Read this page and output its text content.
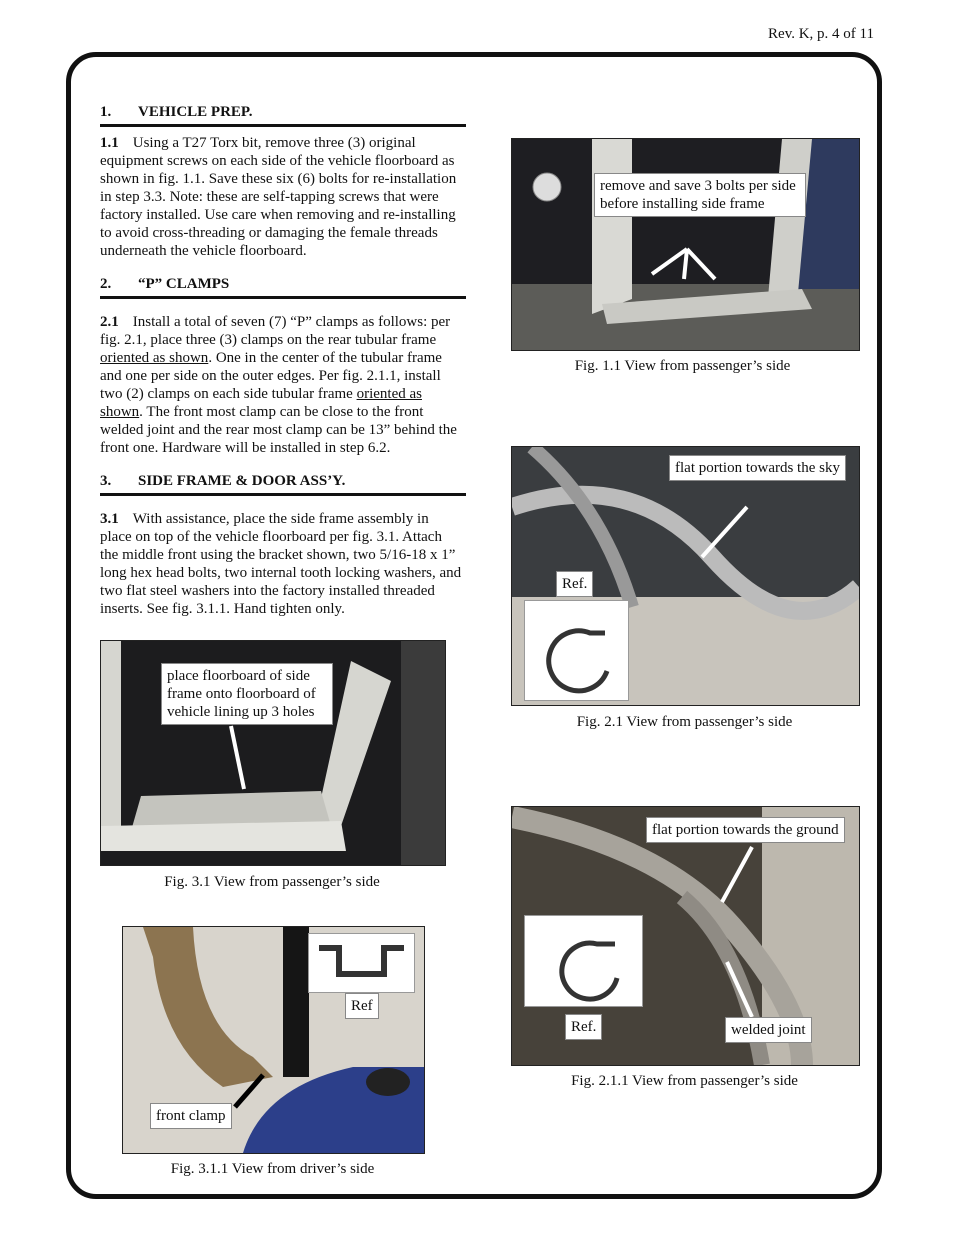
Rev. K, p. 4 of 11
1. VEHICLE PREP.
1.1 Using a T27 Torx bit, remove three (3) original equipment screws on each side of the vehicle floorboard as shown in fig. 1.1. Save these six (6) bolts for re-installation in step 3.3. Note: these are self-tapping screws that were factory installed. Use care when removing and re-installing to avoid cross-threading or damaging the female threads underneath the vehicle floorboard.
2. “P” CLAMPS
2.1 Install a total of seven (7) “P” clamps as follows: per fig. 2.1, place three (3) clamps on the rear tubular frame oriented as shown. One in the center of the tubular frame and one per side on the outer edges. Per fig. 2.1.1, install two (2) clamps on each side tubular frame oriented as shown. The front most clamp can be close to the front welded joint and the rear most clamp can be 13” behind the front one. Hardware will be installed in step 6.2.
3. SIDE FRAME & DOOR ASS’Y.
3.1 With assistance, place the side frame assembly in place on top of the vehicle floorboard per fig. 3.1. Attach the middle front using the bracket shown, two 5/16-18 x 1” long hex head bolts, two internal tooth locking washers, and two flat steel washers into the factory installed threaded inserts. See fig. 3.1.1. Hand tighten only.
remove and save 3 bolts per side before installing side frame
Fig. 1.1 View from passenger’s side
flat portion towards the sky
Ref.
Fig. 2.1 View from passenger’s side
flat portion towards the ground
Ref.	welded joint
Fig. 2.1.1 View from passenger’s side
place floorboard of side frame onto floorboard of vehicle lining up 3 holes
Fig. 3.1 View from passenger’s side
Ref
front clamp
Fig. 3.1.1 View from driver’s side
